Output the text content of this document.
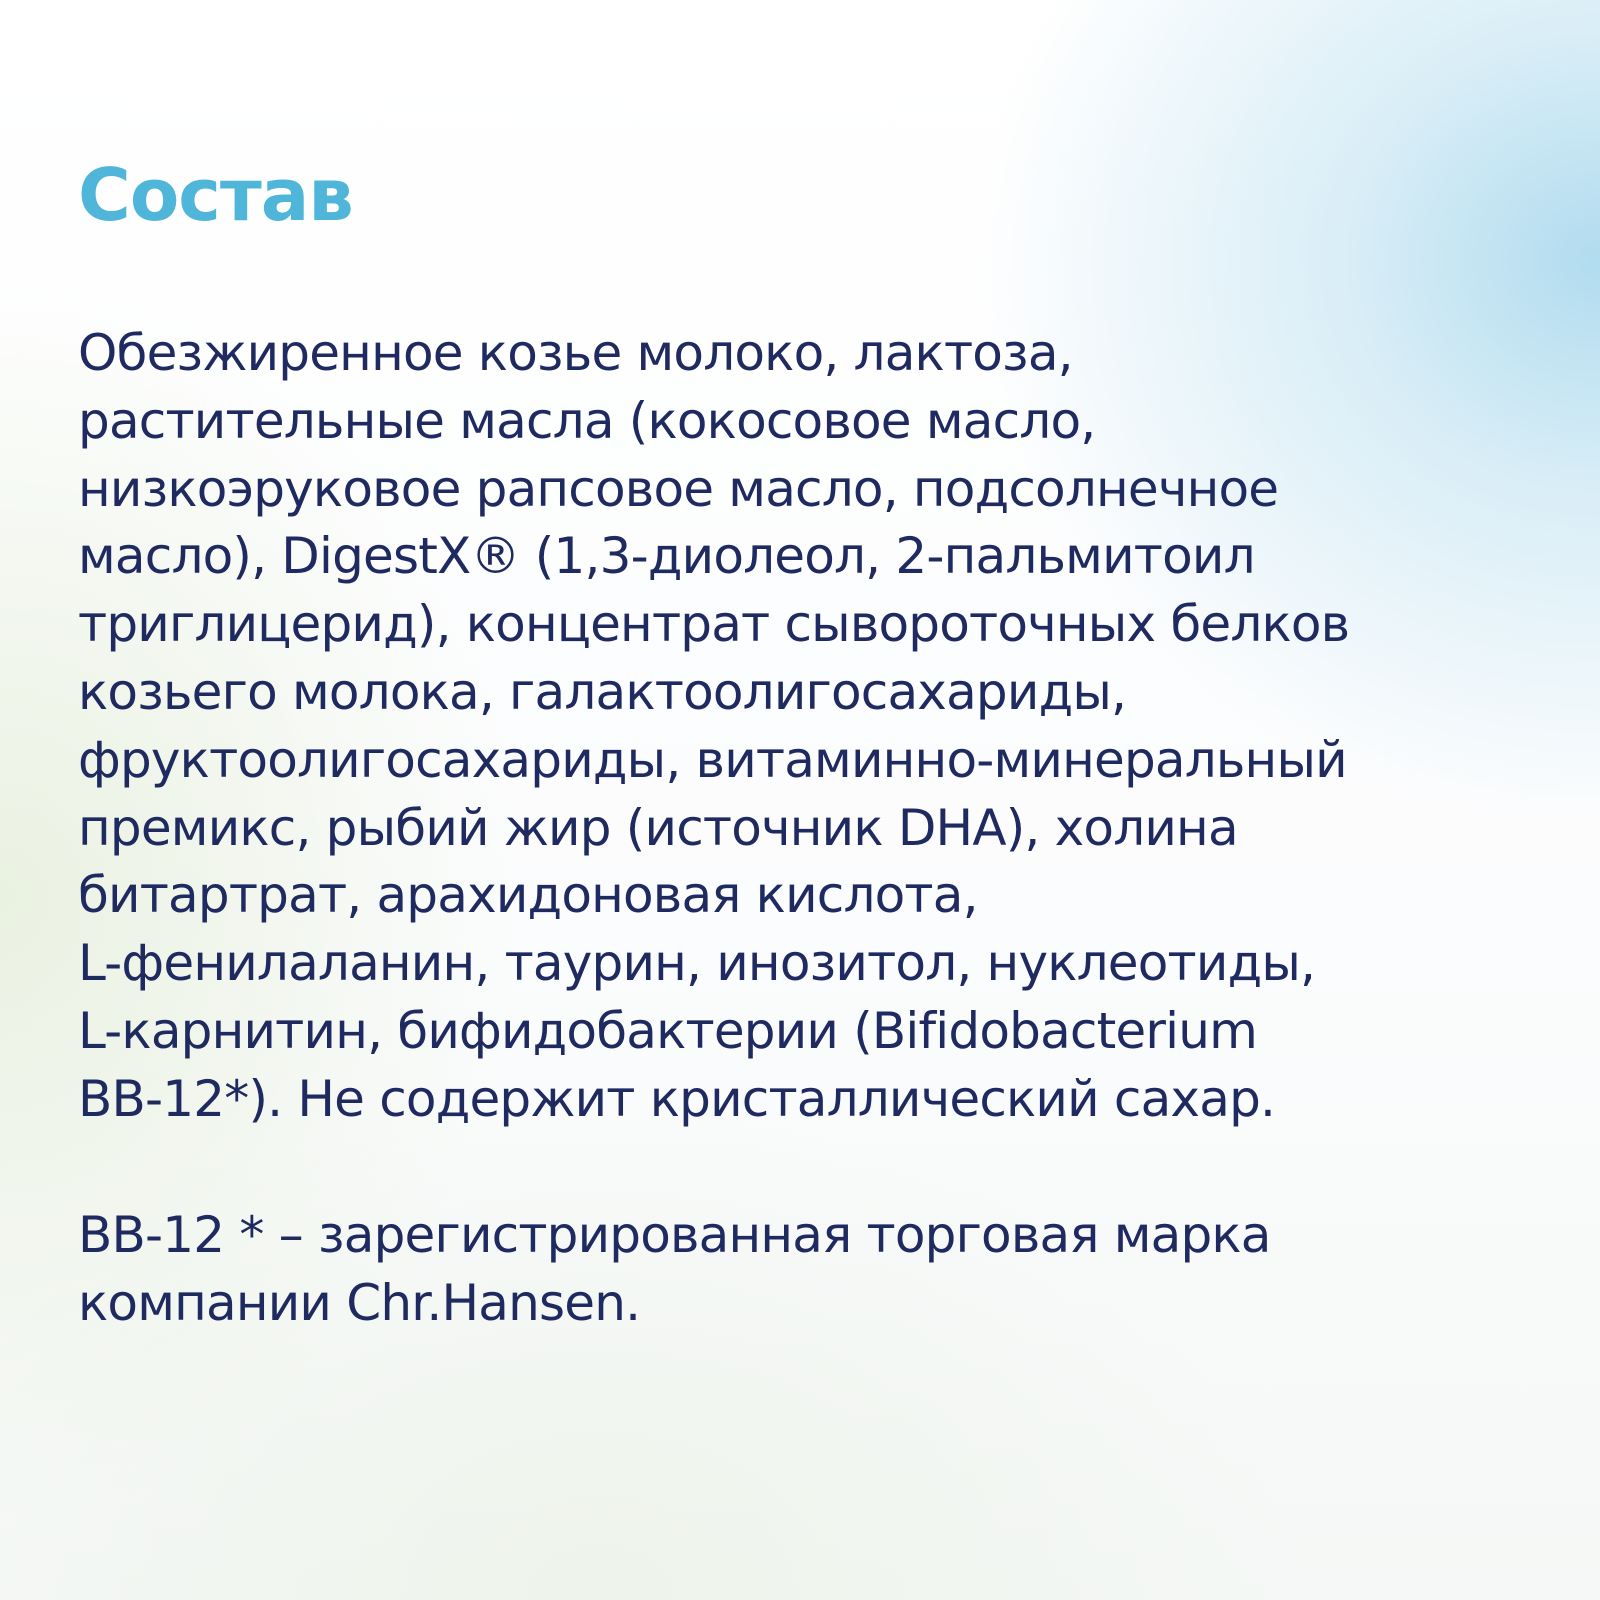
Состав
Обезжиренное козье молоко, лактоза,
растительные масла (кокосовое масло,
низкоэруковое рапсовое масло, подсолнечное
масло), DigestX® (1,3-диолеол, 2-пальмитоил
триглицерид), концентрат сывороточных белков
козьего молока, галактоолигосахариды,
фруктоолигосахариды, витаминно-минеральный
премикс, рыбий жир (источник DHA), холина
битартрат, арахидоновая кислота,
L-фенилаланин, таурин, инозитол, нуклеотиды,
L-карнитин, бифидобактерии (Bifidobacterium
BB-12*). Не содержит кристаллический сахар.
BB-12 * – зарегистрированная торговая марка
компании Chr.Hansen.
